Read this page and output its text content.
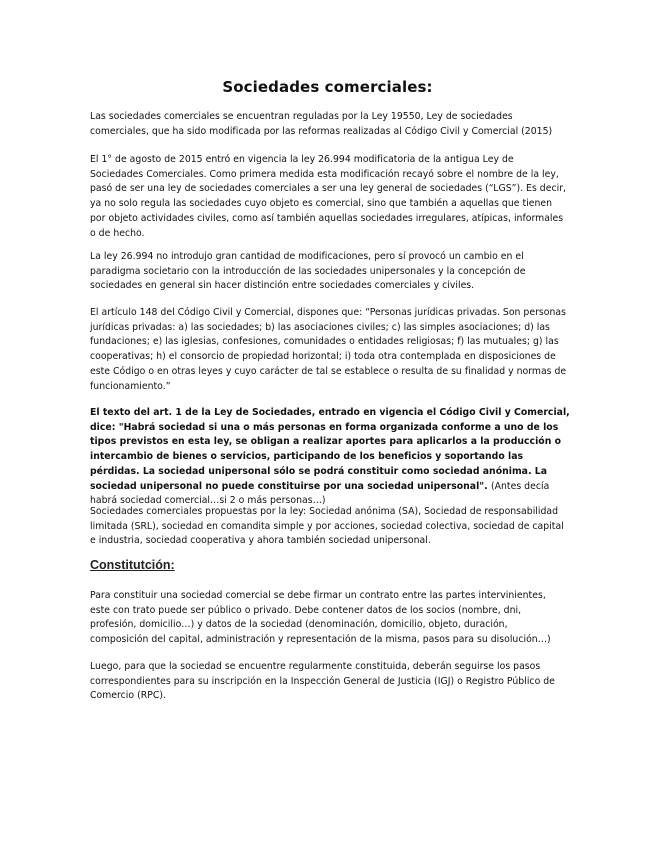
Sociedades comerciales:

Las sociedades comerciales se encuentran reguladas por la Ley 19550, Ley de sociedades comerciales, que ha sido modificada por las reformas realizadas al Código Civil y Comercial (2015)

El 1° de agosto de 2015 entró en vigencia la ley 26.994 modificatoria de la antigua Ley de Sociedades Comerciales. Como primera medida esta modificación recayó sobre el nombre de la ley, pasó de ser una ley de sociedades comerciales a ser una ley general de sociedades (“LGS”). Es decir, ya no solo regula las sociedades cuyo objeto es comercial, sino que también a aquellas que tienen por objeto actividades civiles, como así también aquellas sociedades irregulares, atípicas, informales o de hecho.

La ley 26.994 no introdujo gran cantidad de modificaciones, pero sí provocó un cambio en el paradigma societario con la introducción de las sociedades unipersonales y la concepción de sociedades en general sin hacer distinción entre sociedades comerciales y civiles.

El artículo 148 del Código Civil y Comercial, dispones que: “Personas jurídicas privadas. Son personas jurídicas privadas: a) las sociedades; b) las asociaciones civiles; c) las simples asociaciones; d) las fundaciones; e) las iglesias, confesiones, comunidades o entidades religiosas; f) las mutuales; g) las cooperativas; h) el consorcio de propiedad horizontal; i) toda otra contemplada en disposiciones de este Código o en otras leyes y cuyo carácter de tal se establece o resulta de su finalidad y normas de funcionamiento.”

El texto del art. 1 de la Ley de Sociedades, entrado en vigencia el Código Civil y Comercial, dice: "Habrá sociedad si una o más personas en forma organizada conforme a uno de los tipos previstos en esta ley, se obligan a realizar aportes para aplicarlos a la producción o intercambio de bienes o servicios, participando de los beneficios y soportando las pérdidas. La sociedad unipersonal sólo se podrá constituir como sociedad anónima. La sociedad unipersonal no puede constituirse por una sociedad unipersonal". (Antes decía habrá sociedad comercial…si 2 o más personas…)

Sociedades comerciales propuestas por la ley: Sociedad anónima (SA), Sociedad de responsabilidad limitada (SRL), sociedad en comandita simple y por acciones, sociedad colectiva, sociedad de capital e industria, sociedad cooperativa y ahora también sociedad unipersonal.

Constitutción:

Para constituir una sociedad comercial se debe firmar un contrato entre las partes intervinientes, este con trato puede ser público o privado. Debe contener datos de los socios (nombre, dni, profesión, domicilio…) y datos de la sociedad (denominación, domicilio, objeto, duración, composición del capital, administración y representación de la misma, pasos para su disolución…)

Luego, para que la sociedad se encuentre regularmente constituida, deberán seguirse los pasos correspondientes para su inscripción en la Inspección General de Justicia (IGJ) o Registro Público de Comercio (RPC).
